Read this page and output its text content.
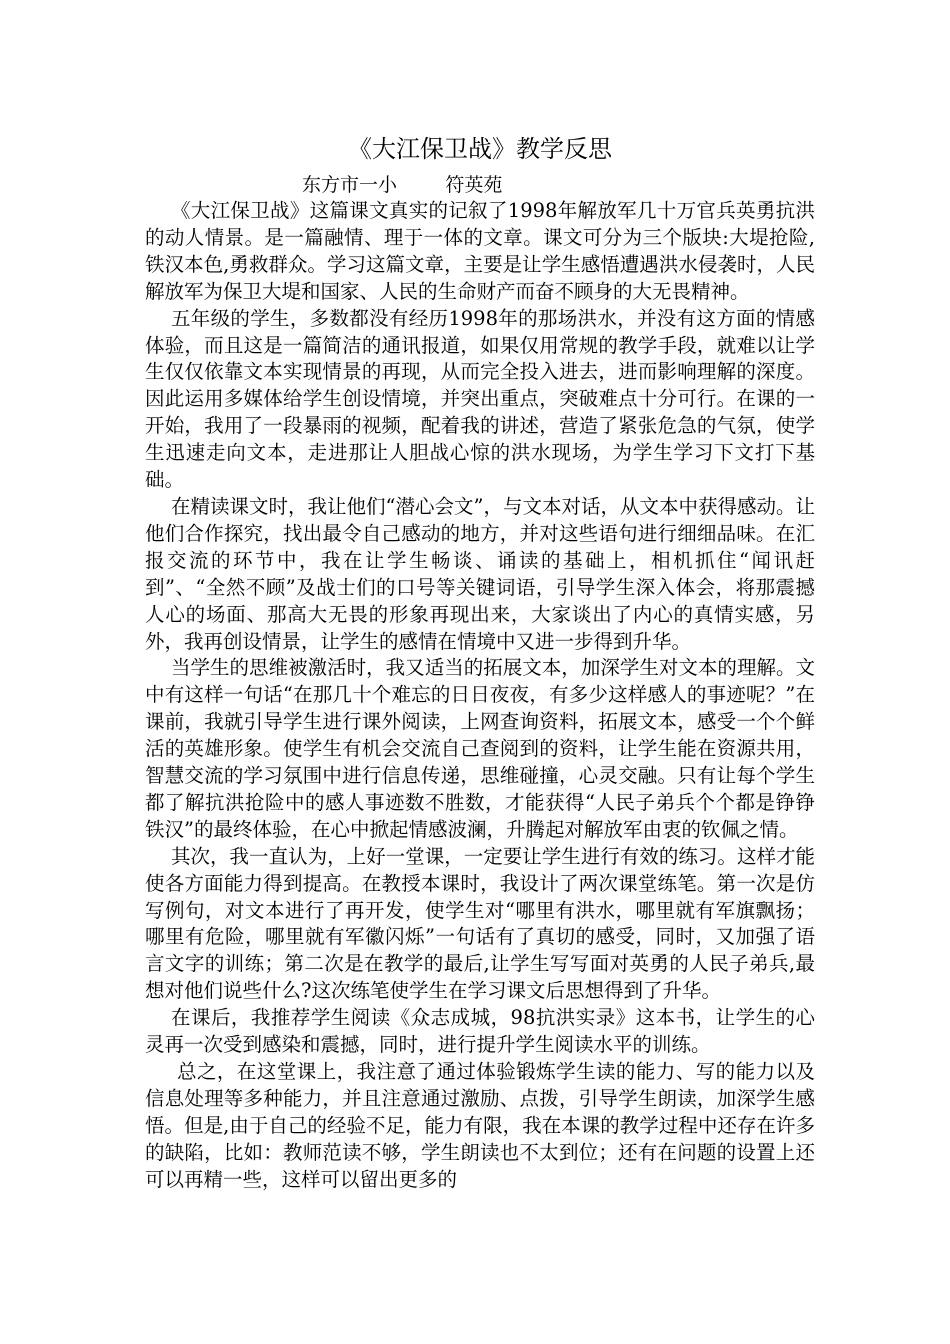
《大江保卫战》教学反思
东方市一小        符英苑

《大江保卫战》这篇课文真实的记叙了1998年解放军几十万官兵英勇抗洪的动人情景。是一篇融情、理于一体的文章。课文可分为三个版块:大堤抢险,铁汉本色,勇救群众。学习这篇文章，主要是让学生感悟遭遇洪水侵袭时，人民解放军为保卫大堤和国家、人民的生命财产而奋不顾身的大无畏精神。

五年级的学生，多数都没有经历1998年的那场洪水，并没有这方面的情感体验，而且这是一篇简洁的通讯报道，如果仅用常规的教学手段，就难以让学生仅仅依靠文本实现情景的再现，从而完全投入进去，进而影响理解的深度。因此运用多媒体给学生创设情境，并突出重点，突破难点十分可行。在课的一开始，我用了一段暴雨的视频，配着我的讲述，营造了紧张危急的气氛，使学生迅速走向文本，走进那让人胆战心惊的洪水现场，为学生学习下文打下基础。

在精读课文时，我让他们“潜心会文”，与文本对话，从文本中获得感动。让他们合作探究，找出最令自己感动的地方，并对这些语句进行细细品味。在汇报交流的环节中，我在让学生畅谈、诵读的基础上，相机抓住“闻讯赶到”、“全然不顾”及战士们的口号等关键词语，引导学生深入体会，将那震撼人心的场面、那高大无畏的形象再现出来，大家谈出了内心的真情实感，另外，我再创设情景，让学生的感情在情境中又进一步得到升华。

当学生的思维被激活时，我又适当的拓展文本，加深学生对文本的理解。文中有这样一句话“在那几十个难忘的日日夜夜，有多少这样感人的事迹呢？”在课前，我就引导学生进行课外阅读，上网查询资料，拓展文本，感受一个个鲜活的英雄形象。使学生有机会交流自己查阅到的资料，让学生能在资源共用，智慧交流的学习氛围中进行信息传递，思维碰撞，心灵交融。只有让每个学生都了解抗洪抢险中的感人事迹数不胜数，才能获得“人民子弟兵个个都是铮铮铁汉”的最终体验，在心中掀起情感波澜，升腾起对解放军由衷的钦佩之情。

其次，我一直认为，上好一堂课，一定要让学生进行有效的练习。这样才能使各方面能力得到提高。在教授本课时，我设计了两次课堂练笔。第一次是仿写例句，对文本进行了再开发，使学生对“哪里有洪水，哪里就有军旗飘扬；哪里有危险，哪里就有军徽闪烁”一句话有了真切的感受，同时，又加强了语言文字的训练；第二次是在教学的最后,让学生写写面对英勇的人民子弟兵,最想对他们说些什么?这次练笔使学生在学习课文后思想得到了升华。

在课后，我推荐学生阅读《众志成城，98抗洪实录》这本书，让学生的心灵再一次受到感染和震撼，同时，进行提升学生阅读水平的训练。

总之，在这堂课上，我注意了通过体验锻炼学生读的能力、写的能力以及信息处理等多种能力，并且注意通过激励、点拨，引导学生朗读，加深学生感悟。但是,由于自己的经验不足，能力有限，我在本课的教学过程中还存在许多的缺陷，比如：教师范读不够，学生朗读也不太到位；还有在问题的设置上还可以再精一些，这样可以留出更多的
